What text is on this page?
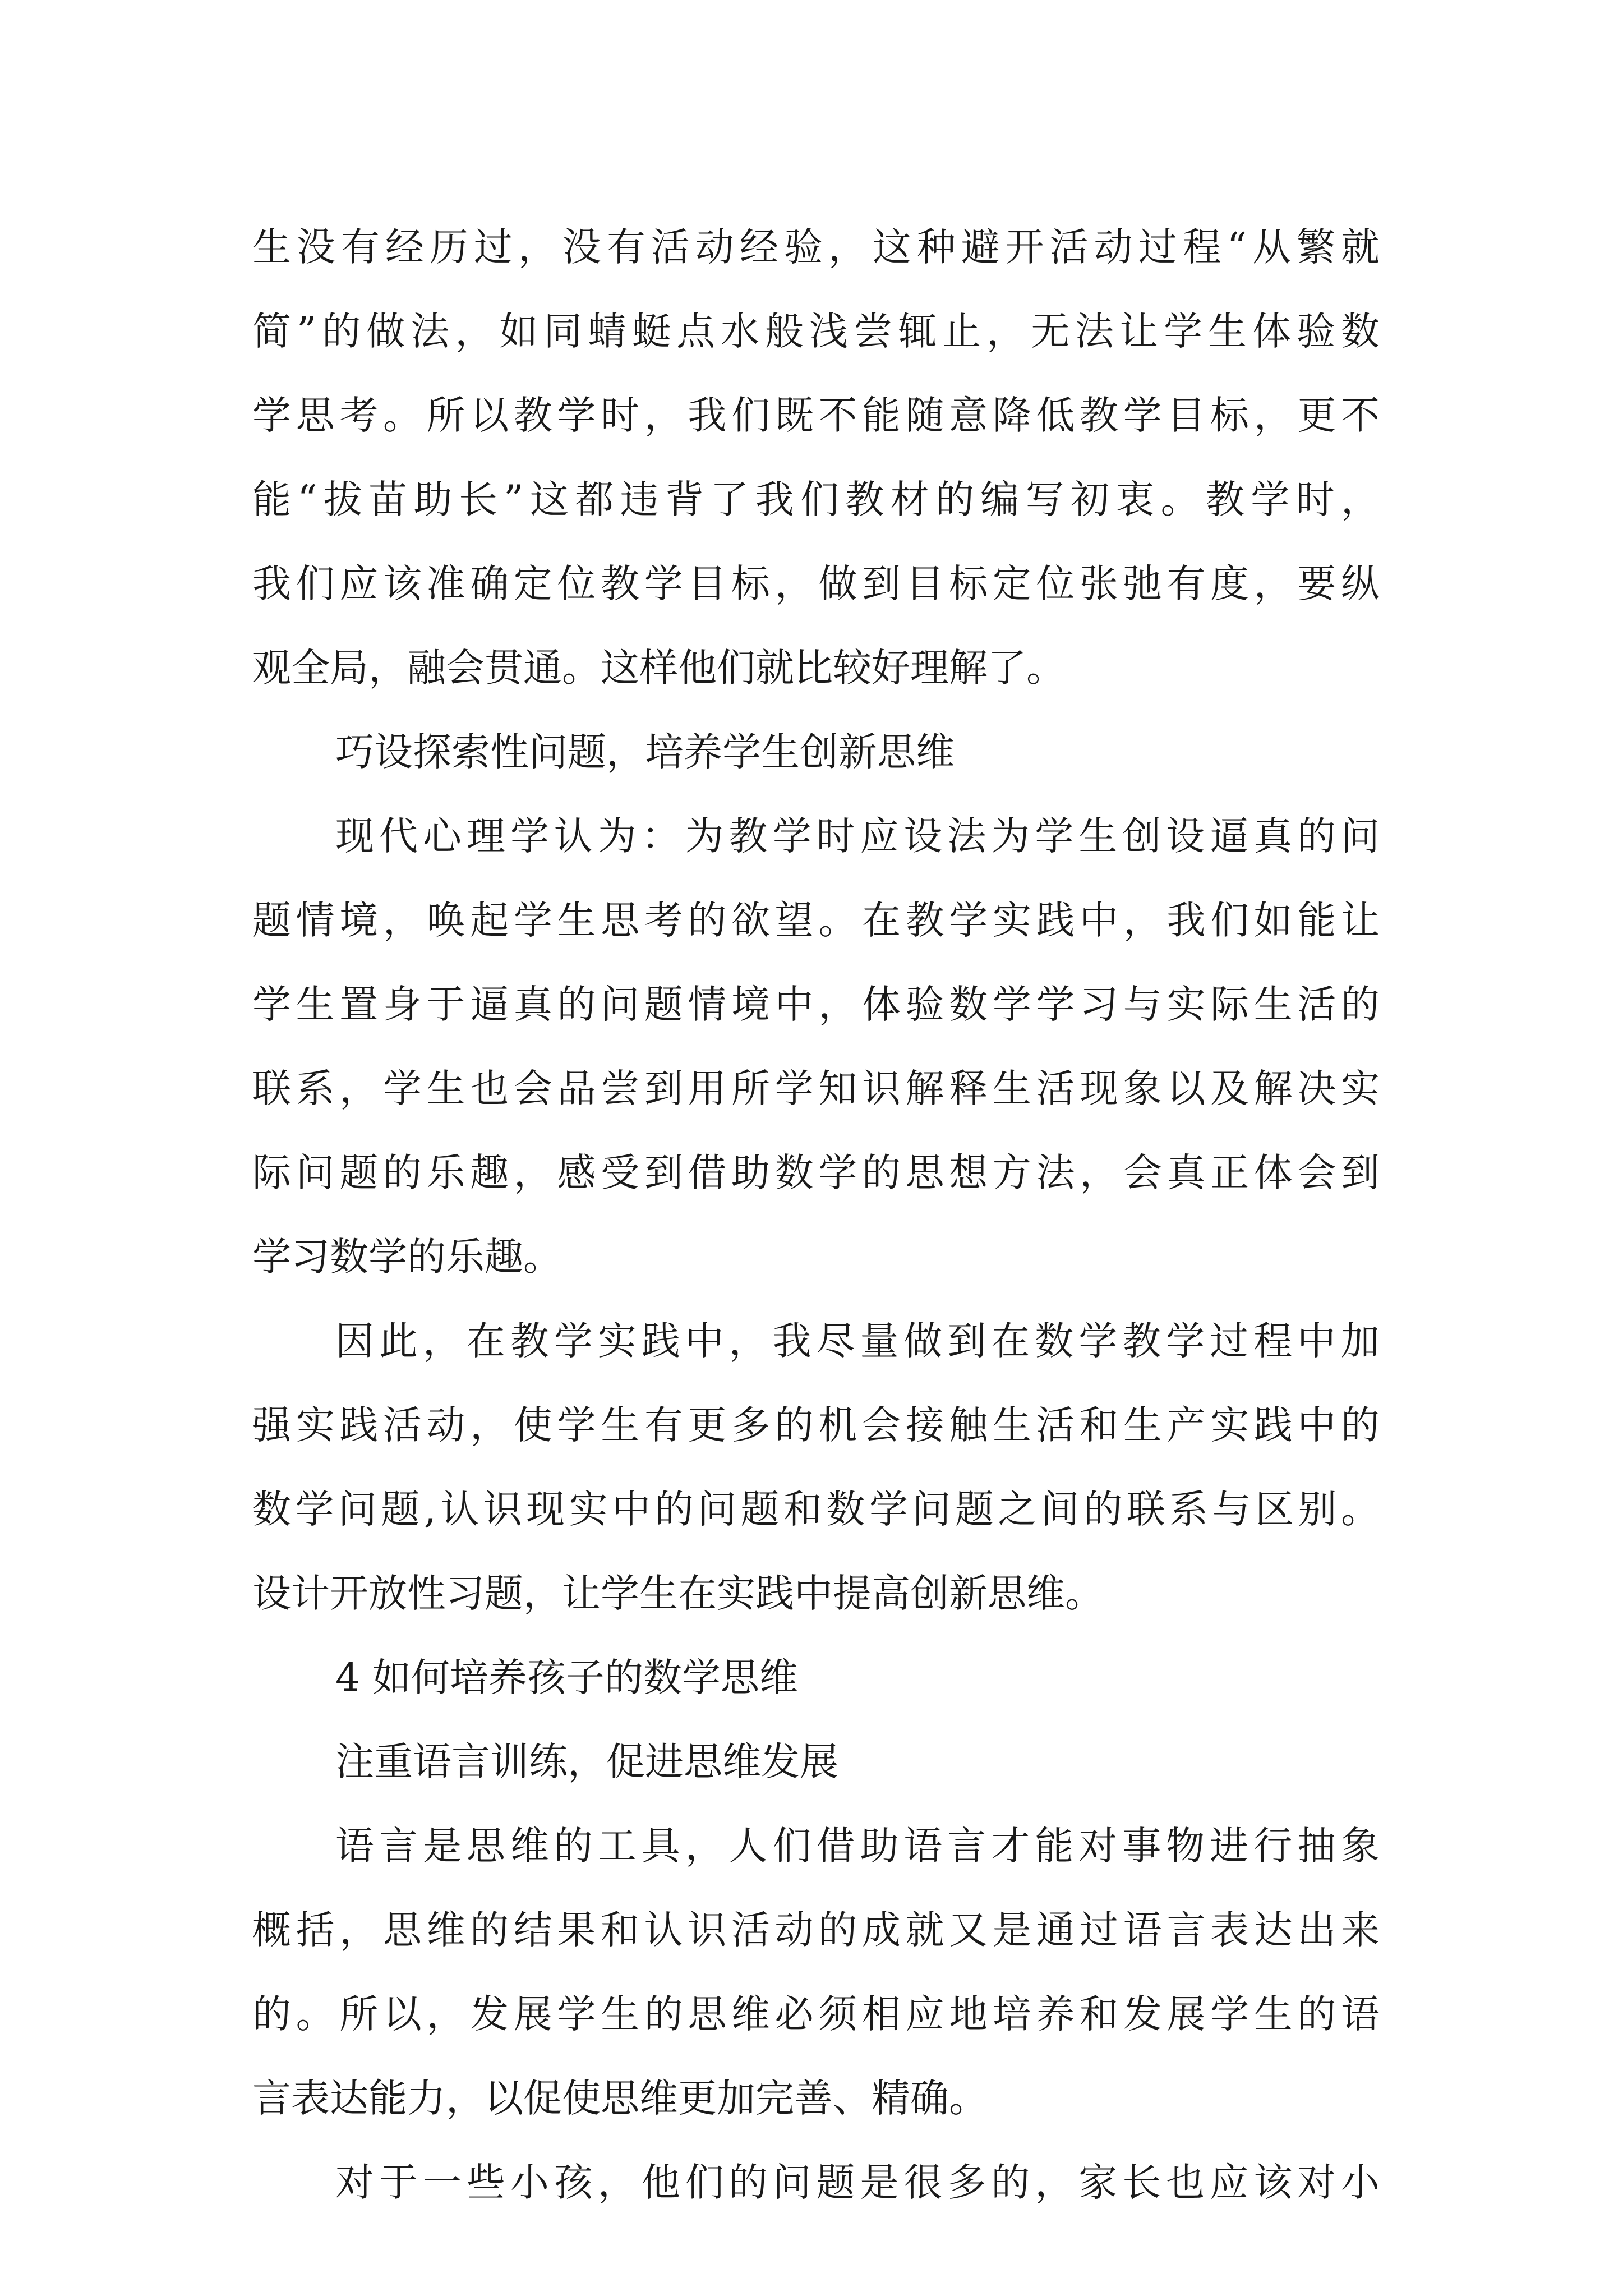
生没有经历过，没有活动经验，这种避开活动过程“从繁就
简”的做法，如同蜻蜓点水般浅尝辄止，无法让学生体验数
学思考。所以教学时，我们既不能随意降低教学目标，更不
能“拔苗助长”这都违背了我们教材的编写初衷。教学时，
我们应该准确定位教学目标，做到目标定位张弛有度，要纵
观全局，融会贯通。这样他们就比较好理解了。
巧设探索性问题，培养学生创新思维
现代心理学认为：为教学时应设法为学生创设逼真的问
题情境，唤起学生思考的欲望。在教学实践中，我们如能让
学生置身于逼真的问题情境中，体验数学学习与实际生活的
联系，学生也会品尝到用所学知识解释生活现象以及解决实
际问题的乐趣，感受到借助数学的思想方法，会真正体会到
学习数学的乐趣。
因此，在教学实践中，我尽量做到在数学教学过程中加
强实践活动，使学生有更多的机会接触生活和生产实践中的
数学问题,认识现实中的问题和数学问题之间的联系与区别。
设计开放性习题，让学生在实践中提高创新思维。
4 如何培养孩子的数学思维
注重语言训练，促进思维发展
语言是思维的工具，人们借助语言才能对事物进行抽象
概括，思维的结果和认识活动的成就又是通过语言表达出来
的。所以，发展学生的思维必须相应地培养和发展学生的语
言表达能力，以促使思维更加完善、精确。
对于一些小孩，他们的问题是很多的，家长也应该对小
